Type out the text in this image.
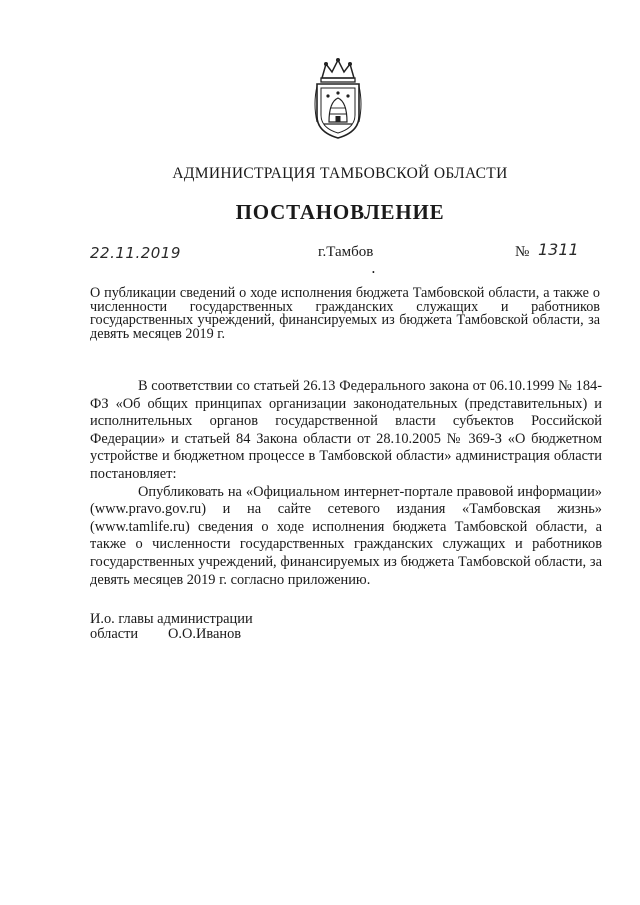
АДМИНИСТРАЦИЯ ТАМБОВСКОЙ ОБЛАСТИ
ПОСТАНОВЛЕНИЕ
22.11.2019	г.Тамбов	№ 1311
•
О публикации сведений о ходе исполнения бюджета Тамбовской области, а также о численности государственных гражданских служащих и работников государственных учреждений, финансируемых из бюджета Тамбовской области, за девять месяцев 2019 г.

В соответствии со статьей 26.13 Федерального закона от 06.10.1999 № 184-ФЗ «Об общих принципах организации законодательных (представительных) и исполнительных органов государственной власти субъектов Российской Федерации» и статьей 84 Закона области от 28.10.2005 № 369-З «О бюджетном устройстве и бюджетном процессе в Тамбовской области» администрация области постановляет:

Опубликовать на «Официальном интернет-портале правовой информации» (www.pravo.gov.ru) и на сайте сетевого издания «Тамбовская жизнь» (www.tamlife.ru) сведения о ходе исполнения бюджета Тамбовской области, а также о численности государственных гражданских служащих и работников государственных учреждений, финансируемых из бюджета Тамбовской области, за девять месяцев 2019 г. согласно приложению.

И.о. главы администрации
области О.О.Иванов
